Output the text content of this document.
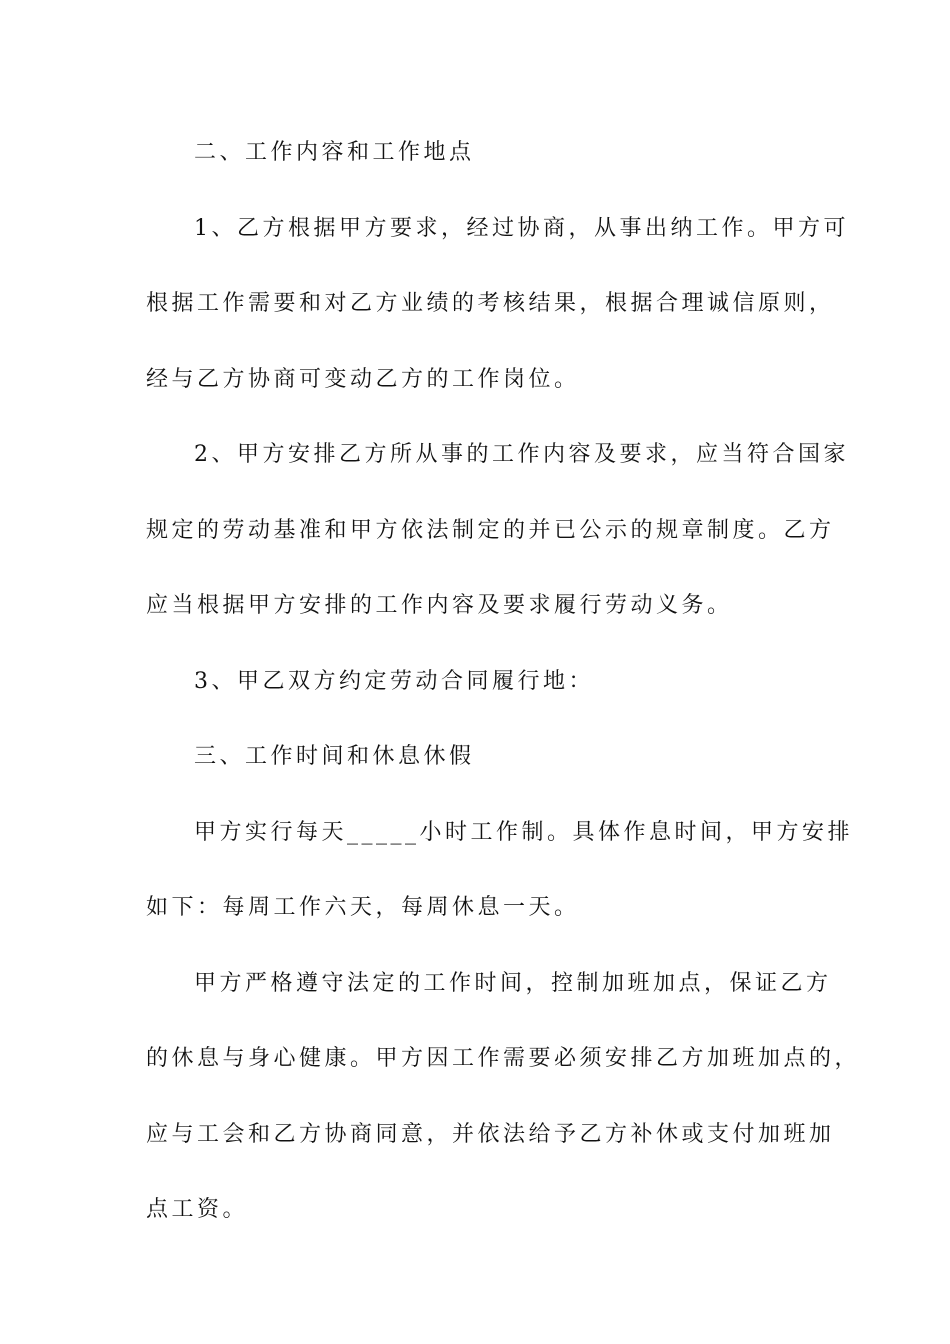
二、工作内容和工作地点
1、乙方根据甲方要求，经过协商，从事出纳工作。甲方可
根据工作需要和对乙方业绩的考核结果，根据合理诚信原则，
经与乙方协商可变动乙方的工作岗位。
2、甲方安排乙方所从事的工作内容及要求，应当符合国家
规定的劳动基准和甲方依法制定的并已公示的规章制度。乙方
应当根据甲方安排的工作内容及要求履行劳动义务。
3、甲乙双方约定劳动合同履行地：
三、工作时间和休息休假
甲方实行每天_____小时工作制。具体作息时间，甲方安排
如下：每周工作六天，每周休息一天。
甲方严格遵守法定的工作时间，控制加班加点，保证乙方
的休息与身心健康。甲方因工作需要必须安排乙方加班加点的，
应与工会和乙方协商同意，并依法给予乙方补休或支付加班加
点工资。
